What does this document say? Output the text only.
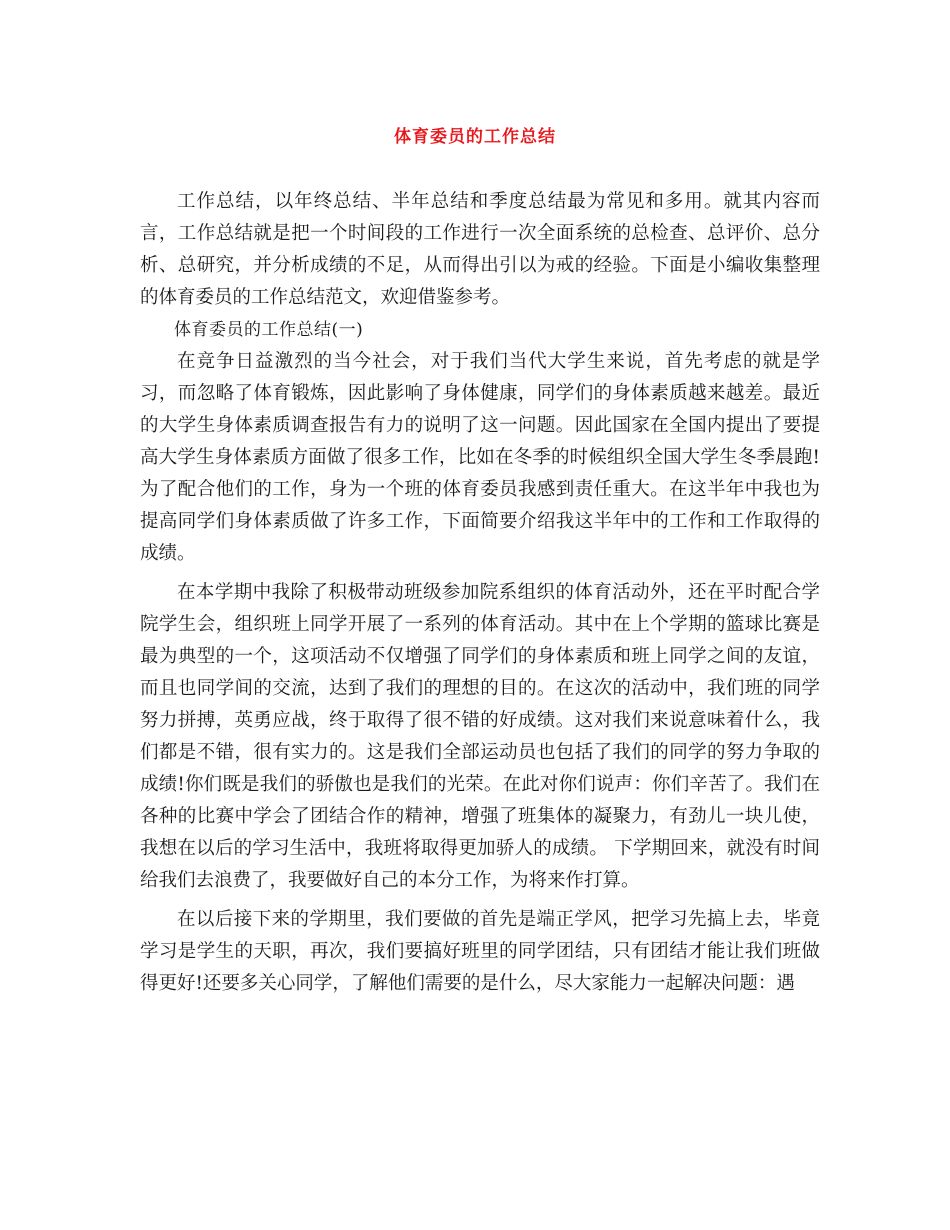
体育委员的工作总结

工作总结，以年终总结、半年总结和季度总结最为常见和多用。就其内容而言，工作总结就是把一个时间段的工作进行一次全面系统的总检查、总评价、总分析、总研究，并分析成绩的不足，从而得出引以为戒的经验。下面是小编收集整理的体育委员的工作总结范文，欢迎借鉴参考。

体育委员的工作总结(一)

在竞争日益激烈的当今社会，对于我们当代大学生来说，首先考虑的就是学习，而忽略了体育锻炼，因此影响了身体健康，同学们的身体素质越来越差。最近的大学生身体素质调查报告有力的说明了这一问题。因此国家在全国内提出了要提高大学生身体素质方面做了很多工作，比如在冬季的时候组织全国大学生冬季晨跑!为了配合他们的工作，身为一个班的体育委员我感到责任重大。在这半年中我也为提高同学们身体素质做了许多工作，下面简要介绍我这半年中的工作和工作取得的成绩。

在本学期中我除了积极带动班级参加院系组织的体育活动外，还在平时配合学院学生会，组织班上同学开展了一系列的体育活动。其中在上个学期的篮球比赛是最为典型的一个，这项活动不仅增强了同学们的身体素质和班上同学之间的友谊，而且也同学间的交流，达到了我们的理想的目的。在这次的活动中，我们班的同学努力拼搏，英勇应战，终于取得了很不错的好成绩。这对我们来说意味着什么，我们都是不错，很有实力的。这是我们全部运动员也包括了我们的同学的努力争取的成绩!你们既是我们的骄傲也是我们的光荣。在此对你们说声：你们辛苦了。我们在各种的比赛中学会了团结合作的精神，增强了班集体的凝聚力，有劲儿一块儿使，我想在以后的学习生活中，我班将取得更加骄人的成绩。 下学期回来，就没有时间给我们去浪费了，我要做好自己的本分工作，为将来作打算。

在以后接下来的学期里，我们要做的首先是端正学风，把学习先搞上去，毕竟学习是学生的天职，再次，我们要搞好班里的同学团结，只有团结才能让我们班做得更好!还要多关心同学，了解他们需要的是什么，尽大家能力一起解决问题：遇
